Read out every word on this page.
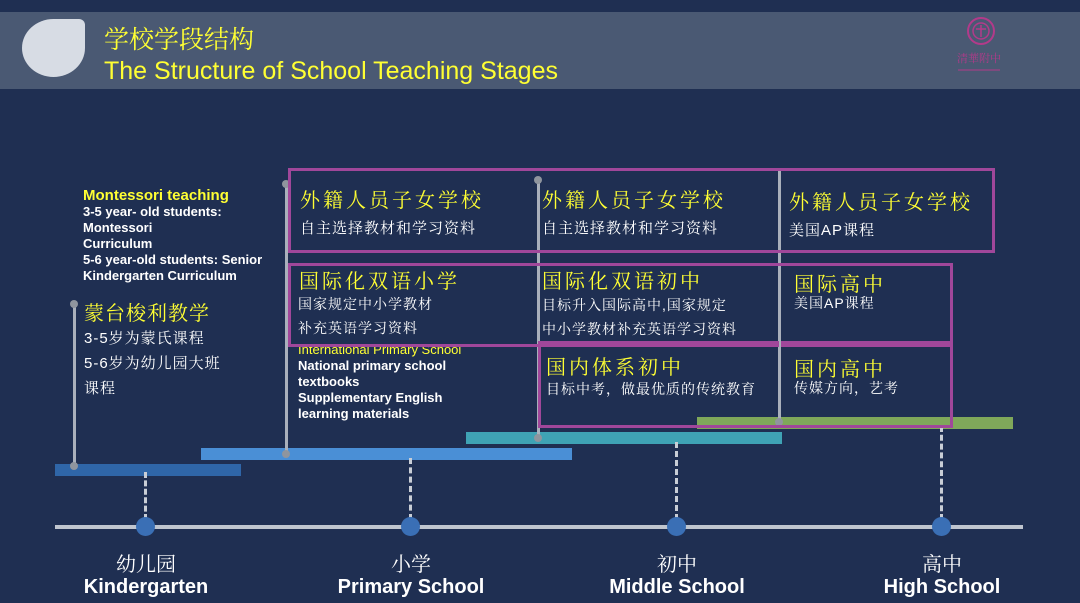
学校学段结构
The Structure of School Teaching Stages	清華附中
Montessori teaching
3-5 year- old students:
Montessori
Curriculum
5-6 year-old students: Senior
Kindergarten Curriculum
蒙台梭利教学
3-5岁为蒙氏课程
5-6岁为幼儿园大班
课程
International Primary School
National primary school
textbooks
Supplementary English
learning materials
外籍人员子女学校
自主选择教材和学习资料
外籍人员子女学校
自主选择教材和学习资料
外籍人员子女学校
美国AP课程
国际化双语小学
国家规定中小学教材
补充英语学习资料
国际化双语初中
目标升入国际高中,国家规定
中小学教材补充英语学习资料
国际高中
美国AP课程
国内体系初中
目标中考，做最优质的传统教育
国内高中
传媒方向，艺考
幼儿园
Kindergarten
小学
Primary School
初中
Middle School
高中
High School
